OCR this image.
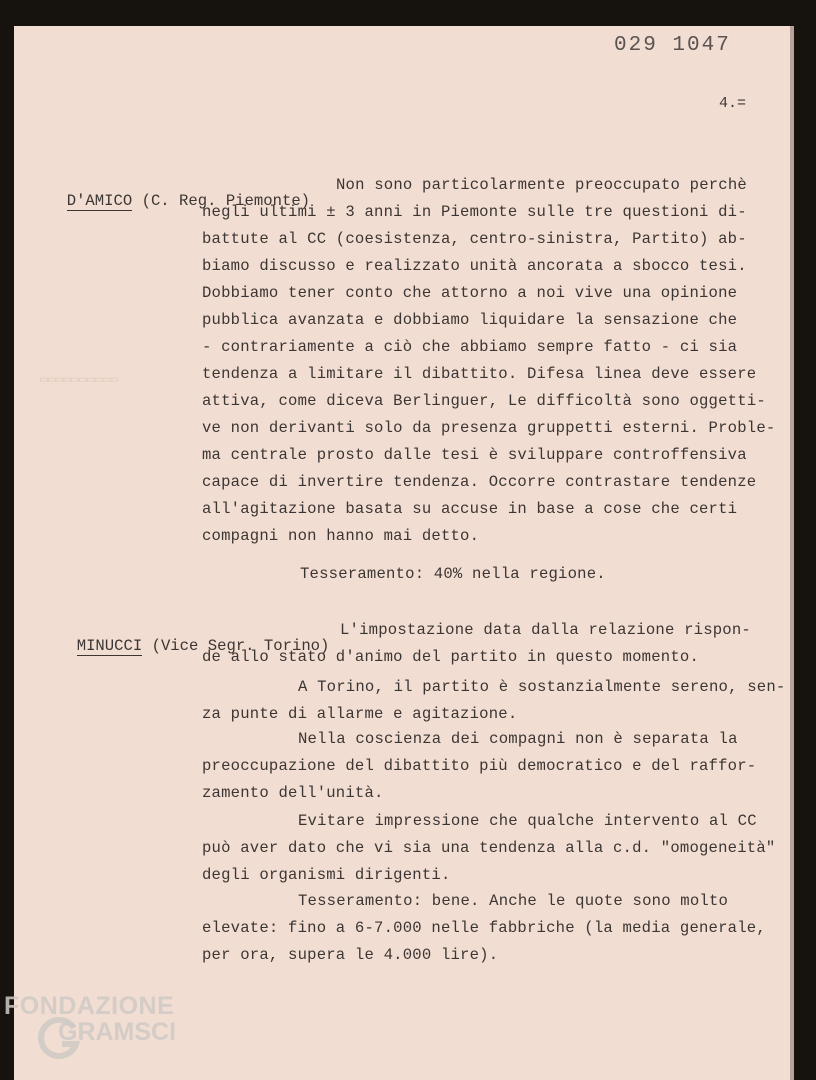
▭▭▭▭▭▭▭▭▭▭
029 1047
4.=

D'AMICO (C. Reg. Piemonte)

Non sono particolarmente preoccupato perchè
negli ultimi ± 3 anni in Piemonte sulle tre questioni di-
battute al CC (coesistenza, centro-sinistra, Partito) ab-
biamo discusso e realizzato unità ancorata a sbocco tesi.
Dobbiamo tener conto che attorno a noi vive una opinione
pubblica avanzata e dobbiamo liquidare la sensazione che
- contrariamente a ciò che abbiamo sempre fatto - ci sia
tendenza a limitare il dibattito. Difesa linea deve essere
attiva, come diceva Berlinguer, Le difficoltà sono oggetti-
ve non derivanti solo da presenza gruppetti esterni. Proble-
ma centrale prosto dalle tesi è sviluppare controffensiva
capace di invertire tendenza. Occorre contrastare tendenze
all'agitazione basata su accuse in base a cose che certi
compagni non hanno mai detto.
Tesseramento: 40% nella regione.

MINUCCI (Vice Segr. Torino)

L'impostazione data dalla relazione rispon-
de allo stato d'animo del partito in questo momento.
A Torino, il partito è sostanzialmente sereno, sen-
za punte di allarme e agitazione.
Nella coscienza dei compagni non è separata la
preoccupazione del dibattito più democratico e del raffor-
zamento dell'unità.
Evitare impressione che qualche intervento al CC
può aver dato che vi sia una tendenza alla c.d. "omogeneità"
degli organismi dirigenti.
Tesseramento: bene. Anche le quote sono molto
elevate: fino a 6-7.000 nelle fabbriche (la media generale,
per ora, supera le 4.000 lire).
FONDAZIONE
GRAMSCI
